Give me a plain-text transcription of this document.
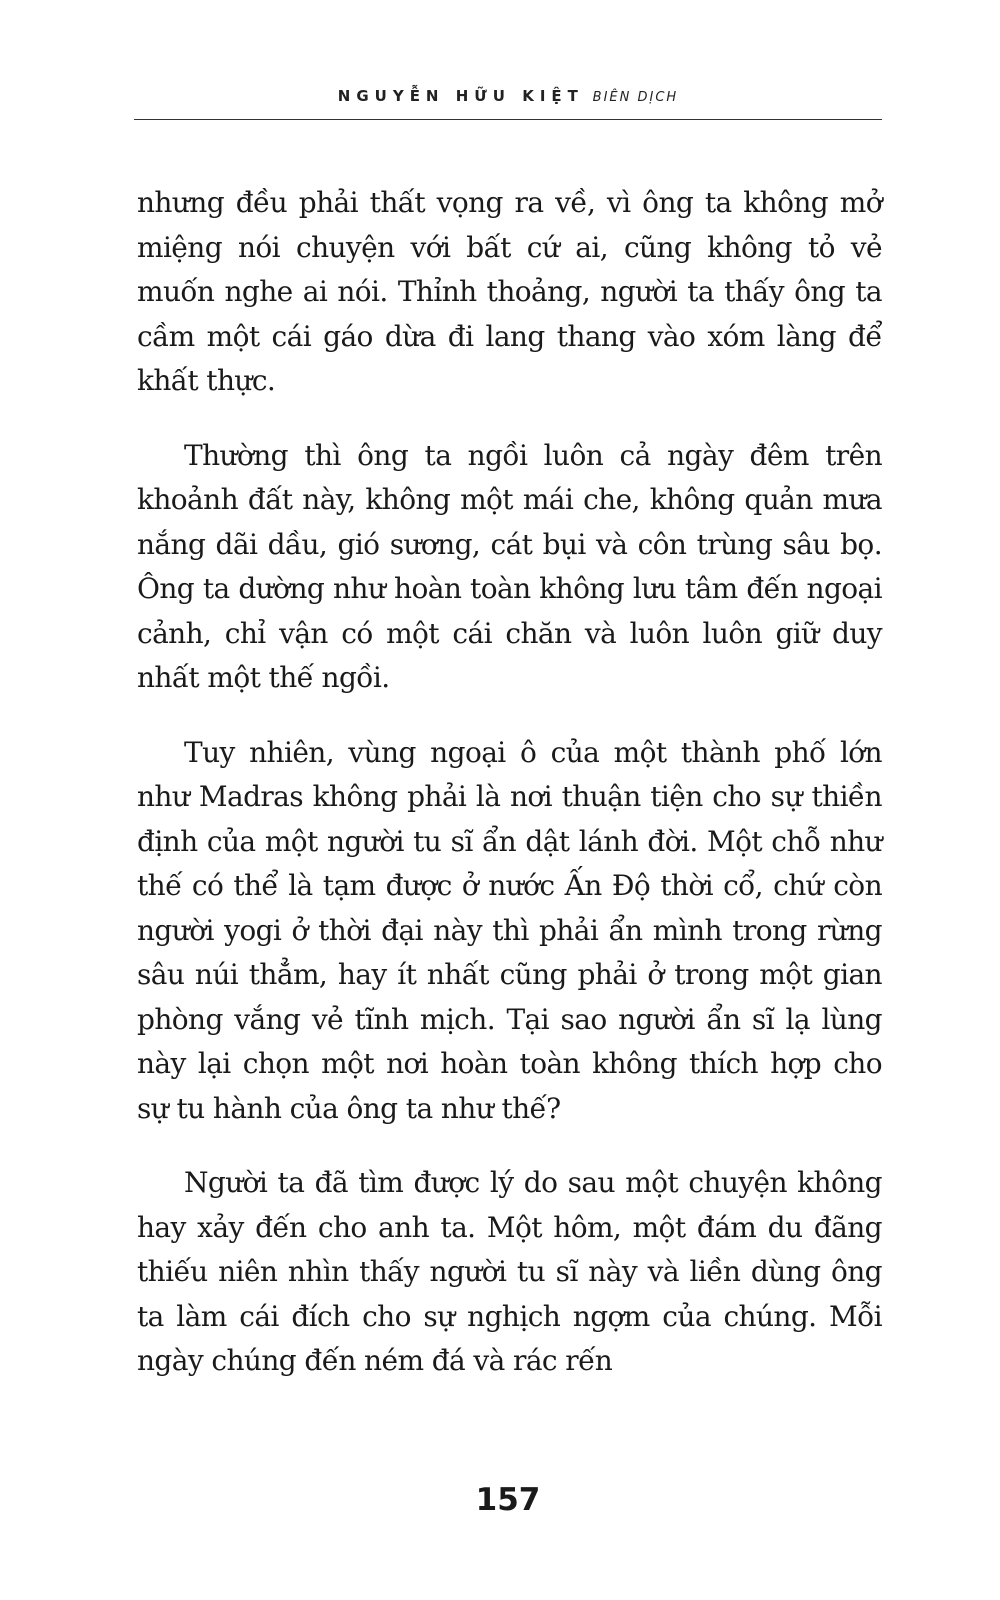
NGUYỄN HỮU KIỆT BIÊN DỊCH

nhưng đều phải thất vọng ra về, vì ông ta không mở miệng nói chuyện với bất cứ ai, cũng không tỏ vẻ muốn nghe ai nói. Thỉnh thoảng, người ta thấy ông ta cầm một cái gáo dừa đi lang thang vào xóm làng để khất thực.

Thường thì ông ta ngồi luôn cả ngày đêm trên khoảnh đất này, không một mái che, không quản mưa nắng dãi dầu, gió sương, cát bụi và côn trùng sâu bọ. Ông ta dường như hoàn toàn không lưu tâm đến ngoại cảnh, chỉ vận có một cái chăn và luôn luôn giữ duy nhất một thế ngồi.

Tuy nhiên, vùng ngoại ô của một thành phố lớn như Madras không phải là nơi thuận tiện cho sự thiền định của một người tu sĩ ẩn dật lánh đời. Một chỗ như thế có thể là tạm được ở nước Ấn Độ thời cổ, chứ còn người yogi ở thời đại này thì phải ẩn mình trong rừng sâu núi thẳm, hay ít nhất cũng phải ở trong một gian phòng vắng vẻ tĩnh mịch. Tại sao người ẩn sĩ lạ lùng này lại chọn một nơi hoàn toàn không thích hợp cho sự tu hành của ông ta như thế?

Người ta đã tìm được lý do sau một chuyện không hay xảy đến cho anh ta. Một hôm, một đám du đãng thiếu niên nhìn thấy người tu sĩ này và liền dùng ông ta làm cái đích cho sự nghịch ngợm của chúng. Mỗi ngày chúng đến ném đá và rác rến

157
